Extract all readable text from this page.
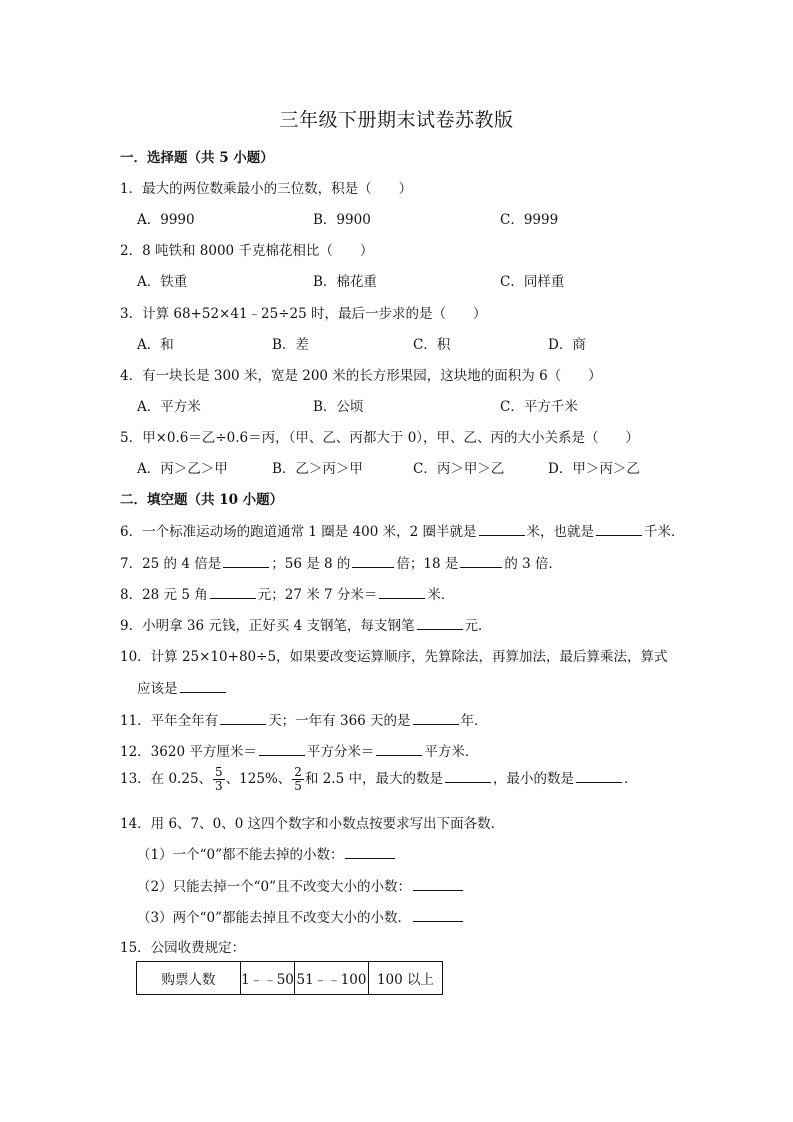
三年级下册期末试卷苏教版
一．选择题（共 5 小题）
1．最大的两位数乘最小的三位数，积是（　　）
A．9990	B．9900	C．9999
2．8 吨铁和 8000 千克棉花相比（　　）
A．铁重	B．棉花重	C．同样重
3．计算 68+52×41﹣25÷25 时，最后一步求的是（　　）
A．和	B．差	C．积	D．商
4．有一块长是 300 米，宽是 200 米的长方形果园，这块地的面积为 6（　　）
A．平方米	B．公顷	C．平方千米
5．甲×0.6＝乙÷0.6＝丙，（甲、乙、丙都大于 0），甲、乙、丙的大小关系是（　　）
A．丙＞乙＞甲	B．乙＞丙＞甲	C．丙＞甲＞乙	D．甲＞丙＞乙
二．填空题（共 10 小题）
6．一个标准运动场的跑道通常 1 圈是 400 米，2 圈半就是	米，也就是	千米．
7．25 的 4 倍是	；56 是 8 的	倍；18 是	的 3 倍．
8．28 元 5 角	元；27 米 7 分米＝	米．
9．小明拿 36 元钱，正好买 4 支钢笔，每支钢笔	元．
10．计算 25×10+80÷5，如果要改变运算顺序，先算除法，再算加法，最后算乘法，算式
应该是
11．平年全年有	天；一年有 366 天的是	年．
12．3620 平方厘米＝	平方分米＝	平方米．
13．在 0.25、 $\frac{5}{3}$ 、125%、 $\frac{2}{5}$ 和 2.5 中，最大的数是	，最小的数是	．
14．用 6、7、0、0 这四个数字和小数点按要求写出下面各数．
（1）一个“0”都不能去掉的小数：
（2）只能去掉一个“0”且不改变大小的小数：
（3）两个“0”都能去掉且不改变大小的小数．
15．公园收费规定：
购票人数	1﹣﹣50	51﹣﹣100	100 以上
